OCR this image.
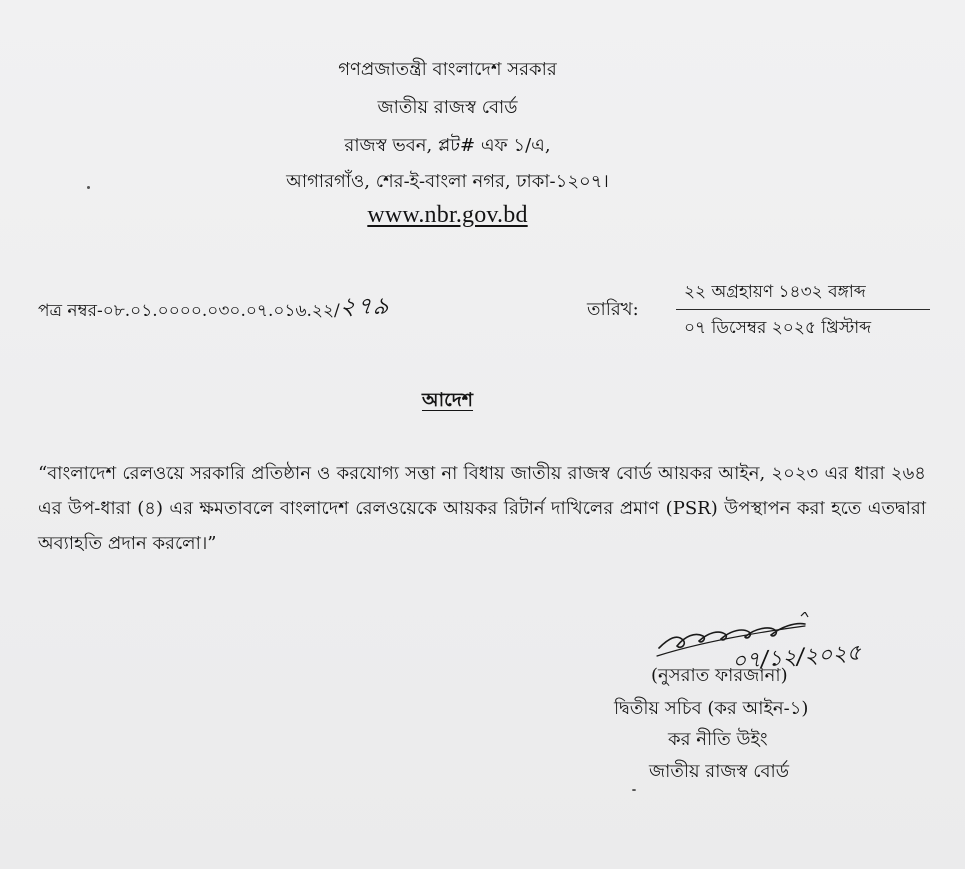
গণপ্রজাতন্ত্রী বাংলাদেশ সরকার
জাতীয় রাজস্ব বোর্ড
রাজস্ব ভবন, প্লট# এফ ১/এ,
আগারগাঁও, শের-ই-বাংলা নগর, ঢাকা-১২০৭।
www.nbr.gov.bd
পত্র নম্বর-০৮.০১.০০০০.০৩০.০৭.০১৬.২২/২৭৯	তারিখ:
২২ অগ্রহায়ণ ১৪৩২ বঙ্গাব্দ
০৭ ডিসেম্বর ২০২৫ খ্রিস্টাব্দ
আদেশ
“বাংলাদেশ রেলওয়ে সরকারি প্রতিষ্ঠান ও করযোগ্য সত্তা না বিধায় জাতীয় রাজস্ব বোর্ড আয়কর আইন, ২০২৩ এর ধারা ২৬৪ এর উপ-ধারা (৪) এর ক্ষমতাবলে বাংলাদেশ রেলওয়েকে আয়কর রিটার্ন দাখিলের প্রমাণ (PSR) উপস্থাপন করা হতে এতদ্বারা অব্যাহতি প্রদান করলো।”
০৭/১২/২০২৫
(নুসরাত ফারজানা)
দ্বিতীয় সচিব (কর আইন-১)
কর নীতি উইং
জাতীয় রাজস্ব বোর্ড
